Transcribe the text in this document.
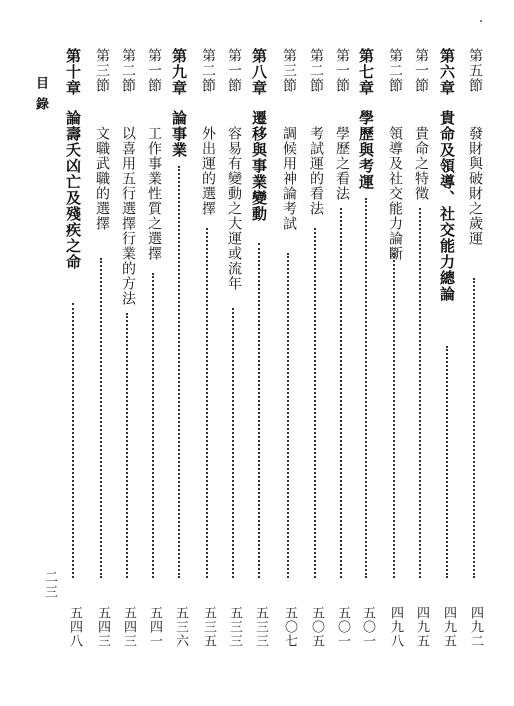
目錄
第五節
發財與破財之歲運
四九二
第六章
貴命及領導、社交能力總論
四九五
第一節
貴命之特徵
四九五
第二節
領導及社交能力論斷
四九八
第七章
學歷與考運
五〇一
第一節
學歷之看法
五〇一
第二節
考試運的看法
五〇五
第三節
調候用神論考試
五〇七
第八章
遷移與事業變動
五三三
第一節
容易有變動之大運或流年
五三三
第二節
外出運的選擇
五三五
第九章
論事業
五三六
第一節
工作事業性質之選擇
五四一
第二節
以喜用五行選擇行業的方法
五四三
第三節
文職武職的選擇
五四三
第十章
論壽夭凶亡及殘疾之命
五四八
二三
